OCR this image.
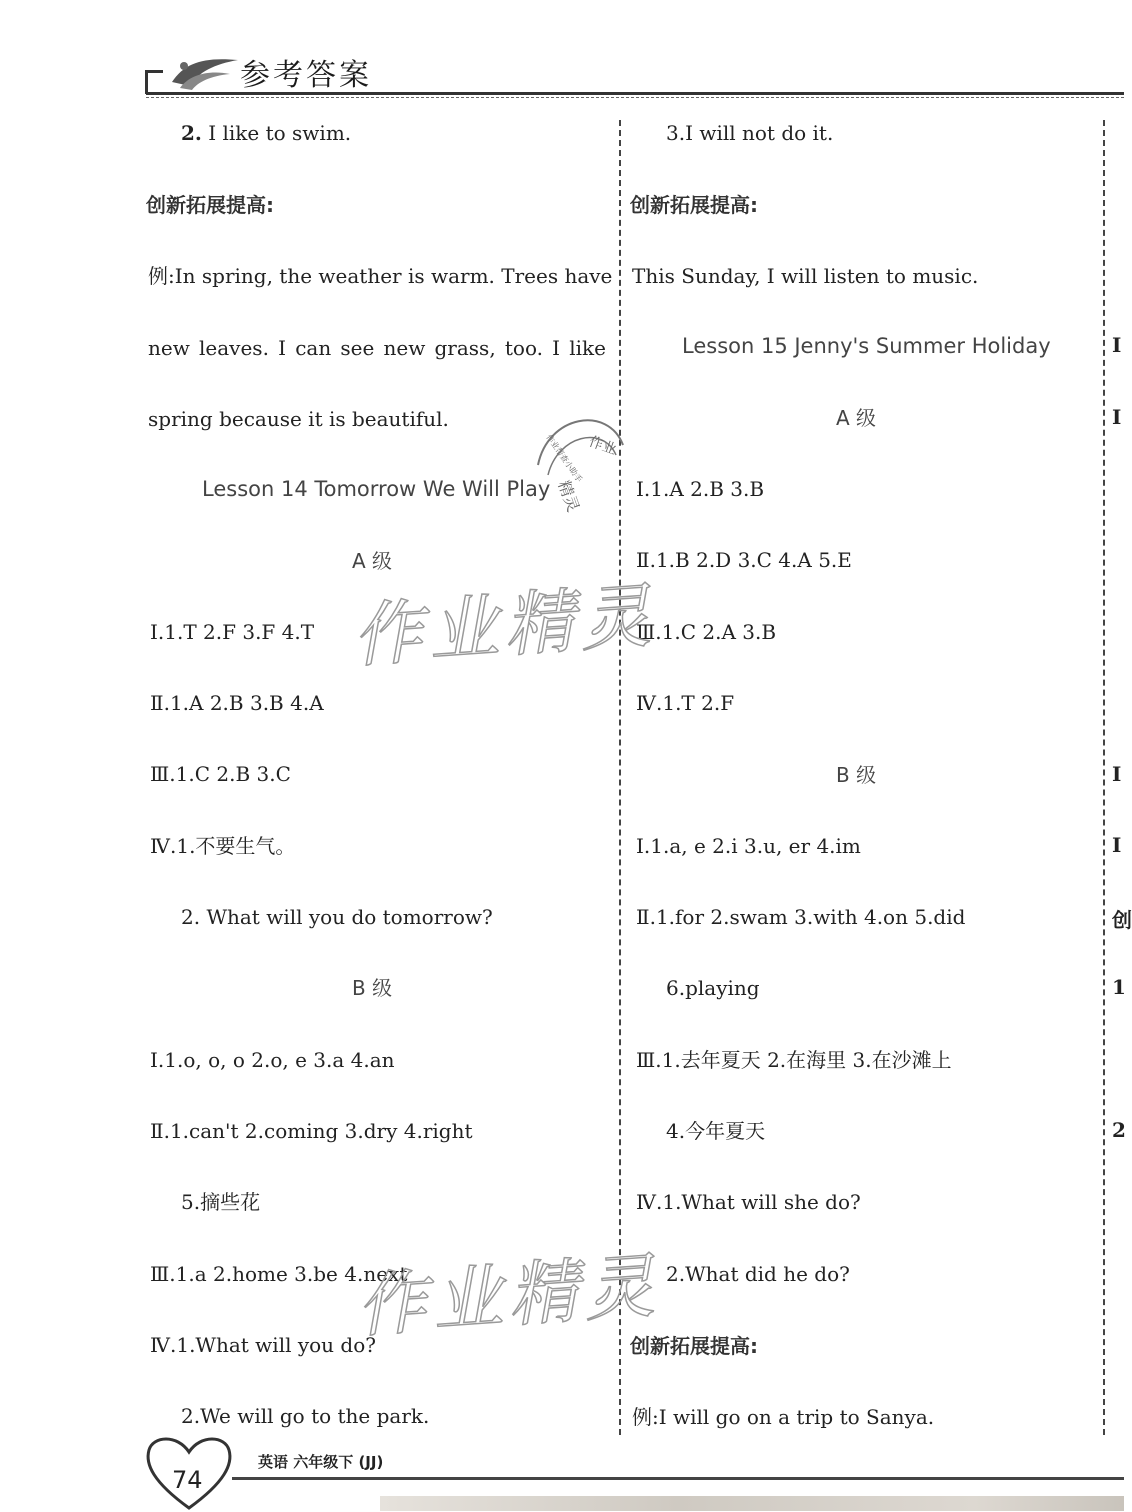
参考答案
2. I like to swim.
创新拓展提高:
例:In spring, the weather is warm. Trees have
new leaves. I can see new grass, too. I like
spring because it is beautiful.
Lesson 14 Tomorrow We Will Play
A 级
Ⅰ.1.T 2.F 3.F 4.T
Ⅱ.1.A 2.B 3.B 4.A
Ⅲ.1.C 2.B 3.C
Ⅳ.1.不要生气。
2. What will you do tomorrow?
B 级
Ⅰ.1.o, o, o 2.o, e 3.a 4.an
Ⅱ.1.can't 2.coming 3.dry 4.right
5.摘些花
Ⅲ.1.a 2.home 3.be 4.next
Ⅳ.1.What will you do?
2.We will go to the park.
3.I will not do it.
创新拓展提高:
This Sunday, I will listen to music.
Lesson 15 Jenny's Summer Holiday
A 级
Ⅰ.1.A 2.B 3.B
Ⅱ.1.B 2.D 3.C 4.A 5.E
Ⅲ.1.C 2.A 3.B
Ⅳ.1.T 2.F
B 级
Ⅰ.1.a, e 2.i 3.u, er 4.im
Ⅱ.1.for 2.swam 3.with 4.on 5.did
6.playing
Ⅲ.1.去年夏天 2.在海里 3.在沙滩上
4.今年夏天
Ⅳ.1.What will she do?
2.What did he do?
创新拓展提高:
例:I will go on a trip to Sanya.
作业精灵
作业精灵
作业
作业帮查小助手
精灵
I
I
I
I
创
1
2
74
英语 六年级下 (JJ)
